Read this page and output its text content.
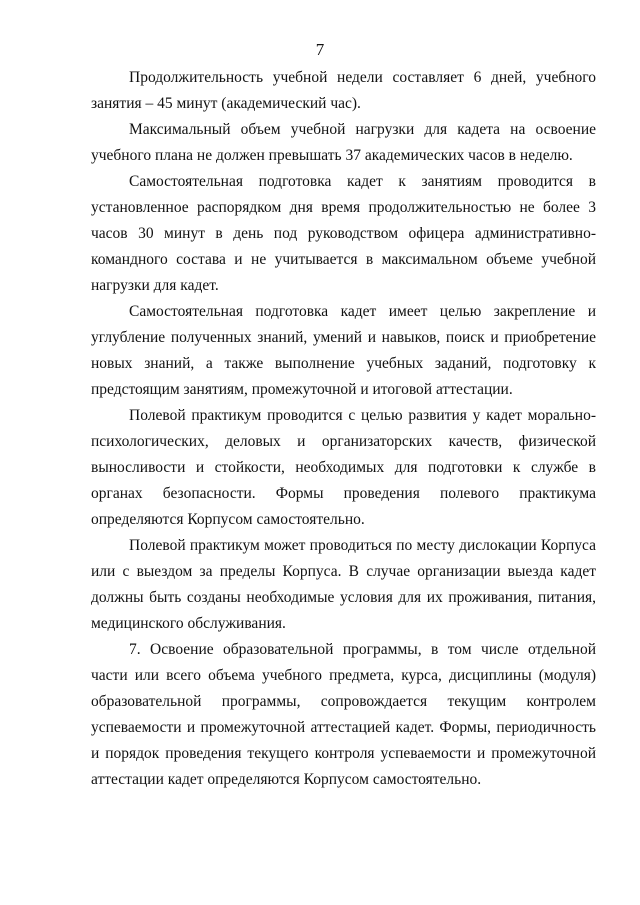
7

Продолжительность учебной недели составляет 6 дней, учебного занятия – 45 минут (академический час).

Максимальный объем учебной нагрузки для кадета на освоение учебного плана не должен превышать 37 академических часов в неделю.

Самостоятельная подготовка кадет к занятиям проводится в установленное распорядком дня время продолжительностью не более 3 часов 30 минут в день под руководством офицера административно-командного состава и не учитывается в максимальном объеме учебной нагрузки для кадет.

Самостоятельная подготовка кадет имеет целью закрепление и углубление полученных знаний, умений и навыков, поиск и приобретение новых знаний, а также выполнение учебных заданий, подготовку к предстоящим занятиям, промежуточной и итоговой аттестации.

Полевой практикум проводится с целью развития у кадет морально-психологических, деловых и организаторских качеств, физической выносливости и стойкости, необходимых для подготовки к службе в органах безопасности. Формы проведения полевого практикума определяются Корпусом самостоятельно.

Полевой практикум может проводиться по месту дислокации Корпуса или с выездом за пределы Корпуса. В случае организации выезда кадет должны быть созданы необходимые условия для их проживания, питания, медицинского обслуживания.

7. Освоение образовательной программы, в том числе отдельной части или всего объема учебного предмета, курса, дисциплины (модуля) образовательной программы, сопровождается текущим контролем успеваемости и промежуточной аттестацией кадет. Формы, периодичность и порядок проведения текущего контроля успеваемости и промежуточной аттестации кадет определяются Корпусом самостоятельно.
